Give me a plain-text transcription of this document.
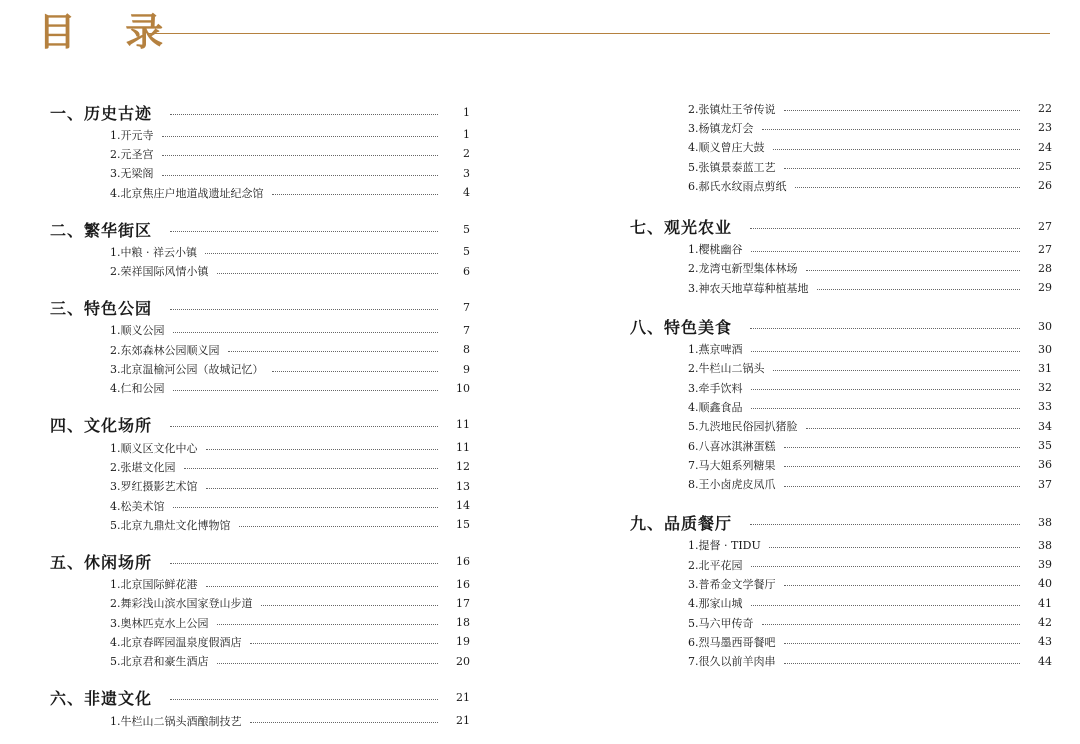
目 录
一、历史古迹	1
1.开元寺	1
2.元圣宫	2
3.无梁阁	3
4.北京焦庄户地道战遗址纪念馆	4
二、繁华街区	5
1.中粮 · 祥云小镇	5
2.荣祥国际风情小镇	6
三、特色公园	7
1.顺义公园	7
2.东郊森林公园顺义园	8
3.北京温榆河公园（故城记忆）	9
4.仁和公园	10
四、文化场所	11
1.顺义区文化中心	11
2.张堪文化园	12
3.罗红摄影艺术馆	13
4.松美术馆	14
5.北京九鼎灶文化博物馆	15
五、休闲场所	16
1.北京国际鲜花港	16
2.舞彩浅山滨水国家登山步道	17
3.奥林匹克水上公园	18
4.北京春晖园温泉度假酒店	19
5.北京君和豪生酒店	20
六、非遗文化	21
1.牛栏山二锅头酒酿制技艺	21
2.张镇灶王爷传说	22
3.杨镇龙灯会	23
4.顺义曾庄大鼓	24
5.张镇景泰蓝工艺	25
6.郝氏水纹雨点剪纸	26
七、观光农业	27
1.樱桃幽谷	27
2.龙湾屯新型集体林场	28
3.神农天地草莓种植基地	29
八、特色美食	30
1.燕京啤酒	30
2.牛栏山二锅头	31
3.牵手饮料	32
4.顺鑫食品	33
5.九渋地民俗园扒猪脸	34
6.八喜冰淇淋蛋糕	35
7.马大姐系列糖果	36
8.王小卤虎皮凤爪	37
九、品质餐厅	38
1.提督 · TIDU	38
2.北平花园	39
3.普希金文学餐厅	40
4.那家山城	41
5.马六甲传奇	42
6.烈马墨西哥餐吧	43
7.很久以前羊肉串	44
